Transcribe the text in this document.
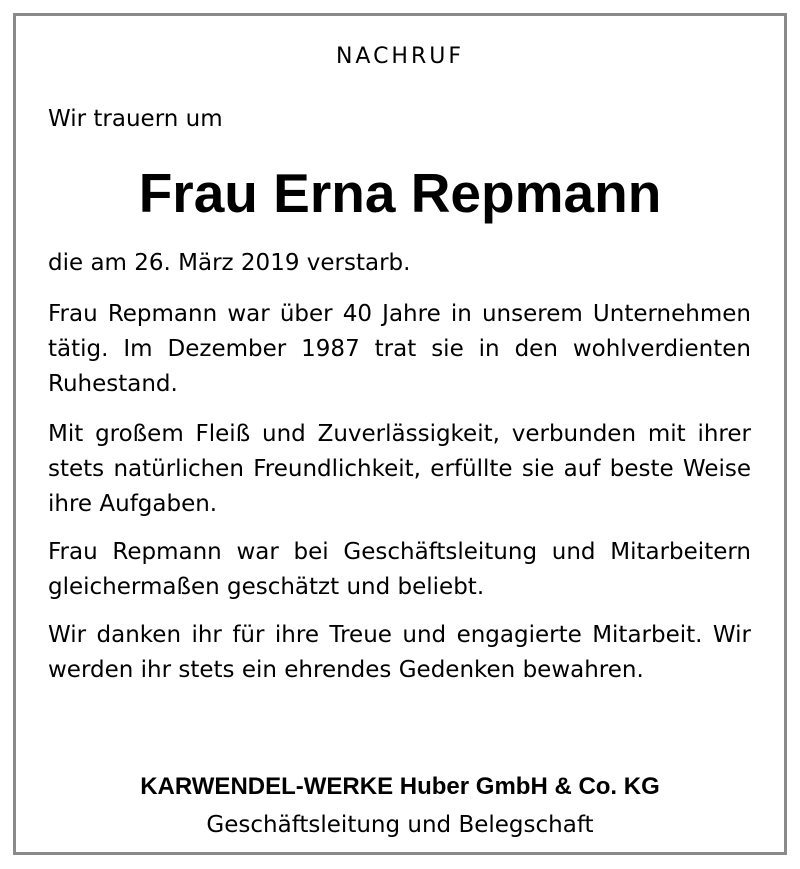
NACHRUF
Wir trauern um
Frau Erna Repmann
die am 26. März 2019 verstarb.

Frau Repmann war über 40 Jahre in unserem Unternehmen tätig. Im Dezember 1987 trat sie in den wohlverdienten Ruhestand.

Mit großem Fleiß und Zuverlässigkeit, verbunden mit ihrer stets natürlichen Freundlichkeit, erfüllte sie auf beste Weise ihre Aufgaben.

Frau Repmann war bei Geschäftsleitung und Mitarbeitern gleichermaßen geschätzt und beliebt.

Wir danken ihr für ihre Treue und engagierte Mitarbeit. Wir werden ihr stets ein ehrendes Gedenken bewahren.

KARWENDEL-WERKE Huber GmbH & Co. KG
Geschäftsleitung und Belegschaft
